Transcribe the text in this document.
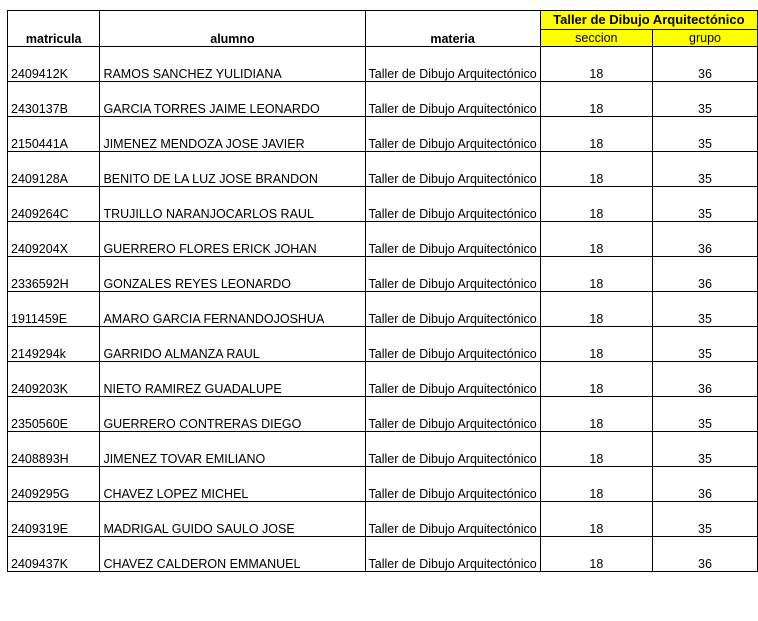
matricula	alumno	materia	Taller de Dibujo Arquitectónico	
			seccion	grupo
2409412K	RAMOS SANCHEZ YULIDIANA	Taller de Dibujo Arquitectónico	18	36
2430137B	GARCIA TORRES JAIME LEONARDO	Taller de Dibujo Arquitectónico	18	35
2150441A	JIMENEZ MENDOZA JOSE JAVIER	Taller de Dibujo Arquitectónico	18	35
2409128A	BENITO DE LA LUZ JOSE BRANDON	Taller de Dibujo Arquitectónico	18	35
2409264C	TRUJILLO NARANJOCARLOS RAUL	Taller de Dibujo Arquitectónico	18	35
2409204X	GUERRERO FLORES ERICK JOHAN	Taller de Dibujo Arquitectónico	18	36
2336592H	GONZALES REYES LEONARDO	Taller de Dibujo Arquitectónico	18	36
1911459E	AMARO GARCIA FERNANDOJOSHUA	Taller de Dibujo Arquitectónico	18	35
2149294k	GARRIDO ALMANZA RAUL	Taller de Dibujo Arquitectónico	18	35
2409203K	NIETO RAMIREZ GUADALUPE	Taller de Dibujo Arquitectónico	18	36
2350560E	GUERRERO CONTRERAS DIEGO	Taller de Dibujo Arquitectónico	18	35
2408893H	JIMENEZ TOVAR EMILIANO	Taller de Dibujo Arquitectónico	18	35
2409295G	CHAVEZ LOPEZ MICHEL	Taller de Dibujo Arquitectónico	18	36
2409319E	MADRIGAL GUIDO SAULO JOSE	Taller de Dibujo Arquitectónico	18	35
2409437K	CHAVEZ CALDERON EMMANUEL	Taller de Dibujo Arquitectónico	18	36
